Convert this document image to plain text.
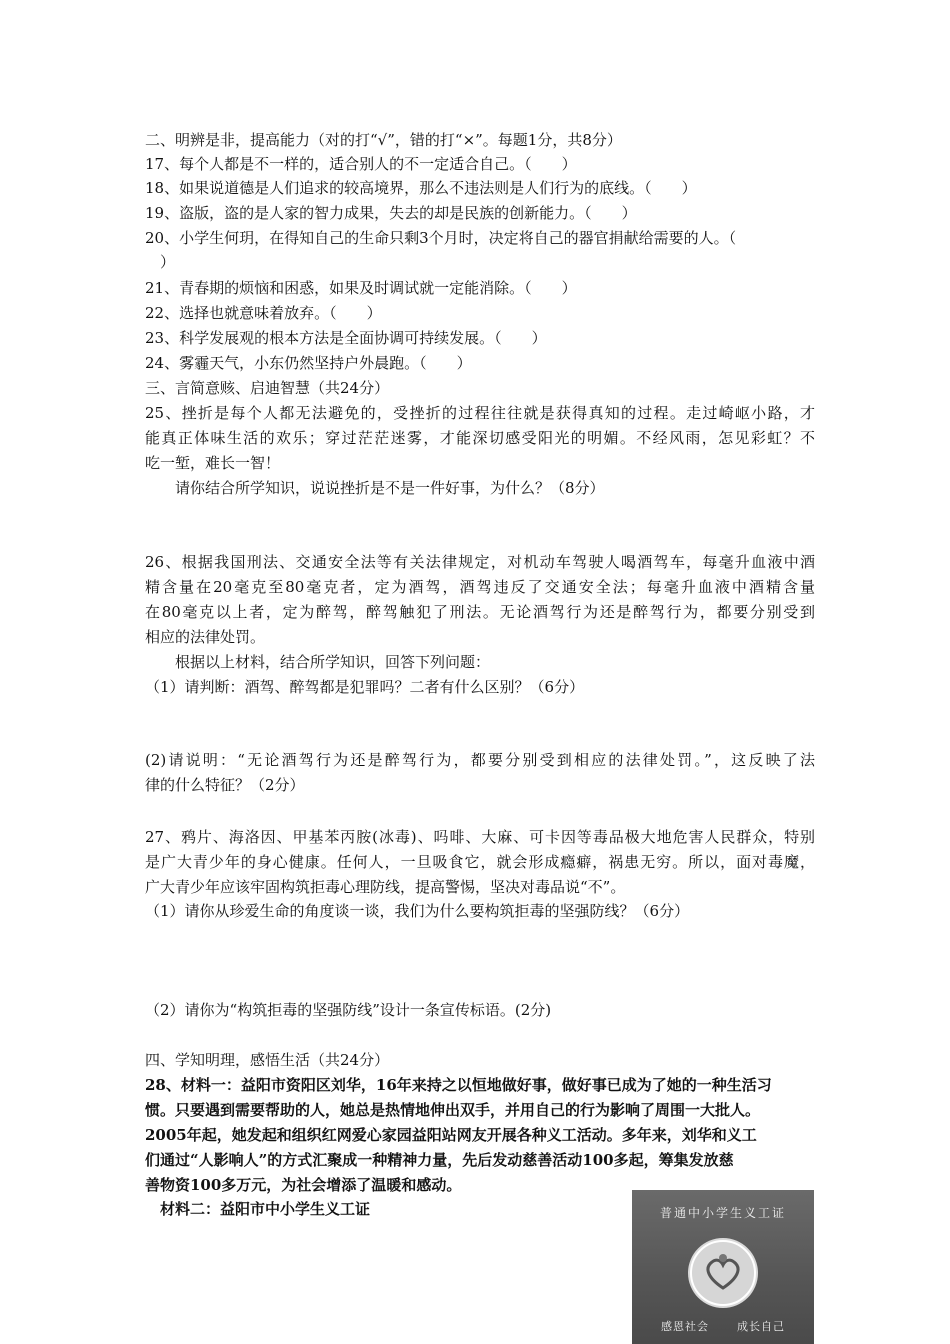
二、明辨是非，提高能力（对的打“√”，错的打“×”。每题1分，共8分）
17、每个人都是不一样的，适合别人的不一定适合自己。（　　）
18、如果说道德是人们追求的较高境界，那么不违法则是人们行为的底线。（　　）
19、盗版，盗的是人家的智力成果，失去的却是民族的创新能力。（　　）
20、小学生何玥，在得知自己的生命只剩3个月时，决定将自己的器官捐献给需要的人。（
　）
21、青春期的烦恼和困惑，如果及时调试就一定能消除。（　　）
22、选择也就意味着放弃。（　　）
23、科学发展观的根本方法是全面协调可持续发展。（　　）
24、雾霾天气，小东仍然坚持户外晨跑。（　　）
三、言简意赅、启迪智慧（共24分）
25、挫折是每个人都无法避免的，受挫折的过程往往就是获得真知的过程。走过崎岖小路，才
能真正体味生活的欢乐；穿过茫茫迷雾，才能深切感受阳光的明媚。不经风雨，怎见彩虹？不
吃一堑，难长一智！
　　请你结合所学知识，说说挫折是不是一件好事，为什么？（8分）
26、根据我国刑法、交通安全法等有关法律规定，对机动车驾驶人喝酒驾车，每毫升血液中酒
精含量在20毫克至80毫克者，定为酒驾，酒驾违反了交通安全法；每毫升血液中酒精含量
在80毫克以上者，定为醉驾，醉驾触犯了刑法。无论酒驾行为还是醉驾行为，都要分别受到
相应的法律处罚。
　　根据以上材料，结合所学知识，回答下列问题：
（1）请判断：酒驾、醉驾都是犯罪吗？二者有什么区别？（6分）
(2)请说明：“无论酒驾行为还是醉驾行为，都要分别受到相应的法律处罚。”，这反映了法
律的什么特征？（2分）
27、鸦片、海洛因、甲基苯丙胺(冰毒)、吗啡、大麻、可卡因等毒品极大地危害人民群众，特别
是广大青少年的身心健康。任何人，一旦吸食它，就会形成瘾癖，祸患无穷。所以，面对毒魔，
广大青少年应该牢固构筑拒毒心理防线，提高警惕，坚决对毒品说“不”。
（1）请你从珍爱生命的角度谈一谈，我们为什么要构筑拒毒的坚强防线？（6分）
（2）请你为“构筑拒毒的坚强防线”设计一条宣传标语。(2分)
四、学知明理，感悟生活（共24分）
28、材料一：益阳市资阳区刘华，16年来持之以恒地做好事，做好事已成为了她的一种生活习
惯。只要遇到需要帮助的人，她总是热情地伸出双手，并用自己的行为影响了周围一大批人。
2005年起，她发起和组织红网爱心家园益阳站网友开展各种义工活动。多年来，刘华和义工
们通过“人影响人”的方式汇聚成一种精神力量，先后发动慈善活动100多起，筹集发放慈
善物资100多万元，为社会增添了温暖和感动。
　材料二：益阳市中小学生义工证	普通中小学生义工证
感恩社会	成长自己
